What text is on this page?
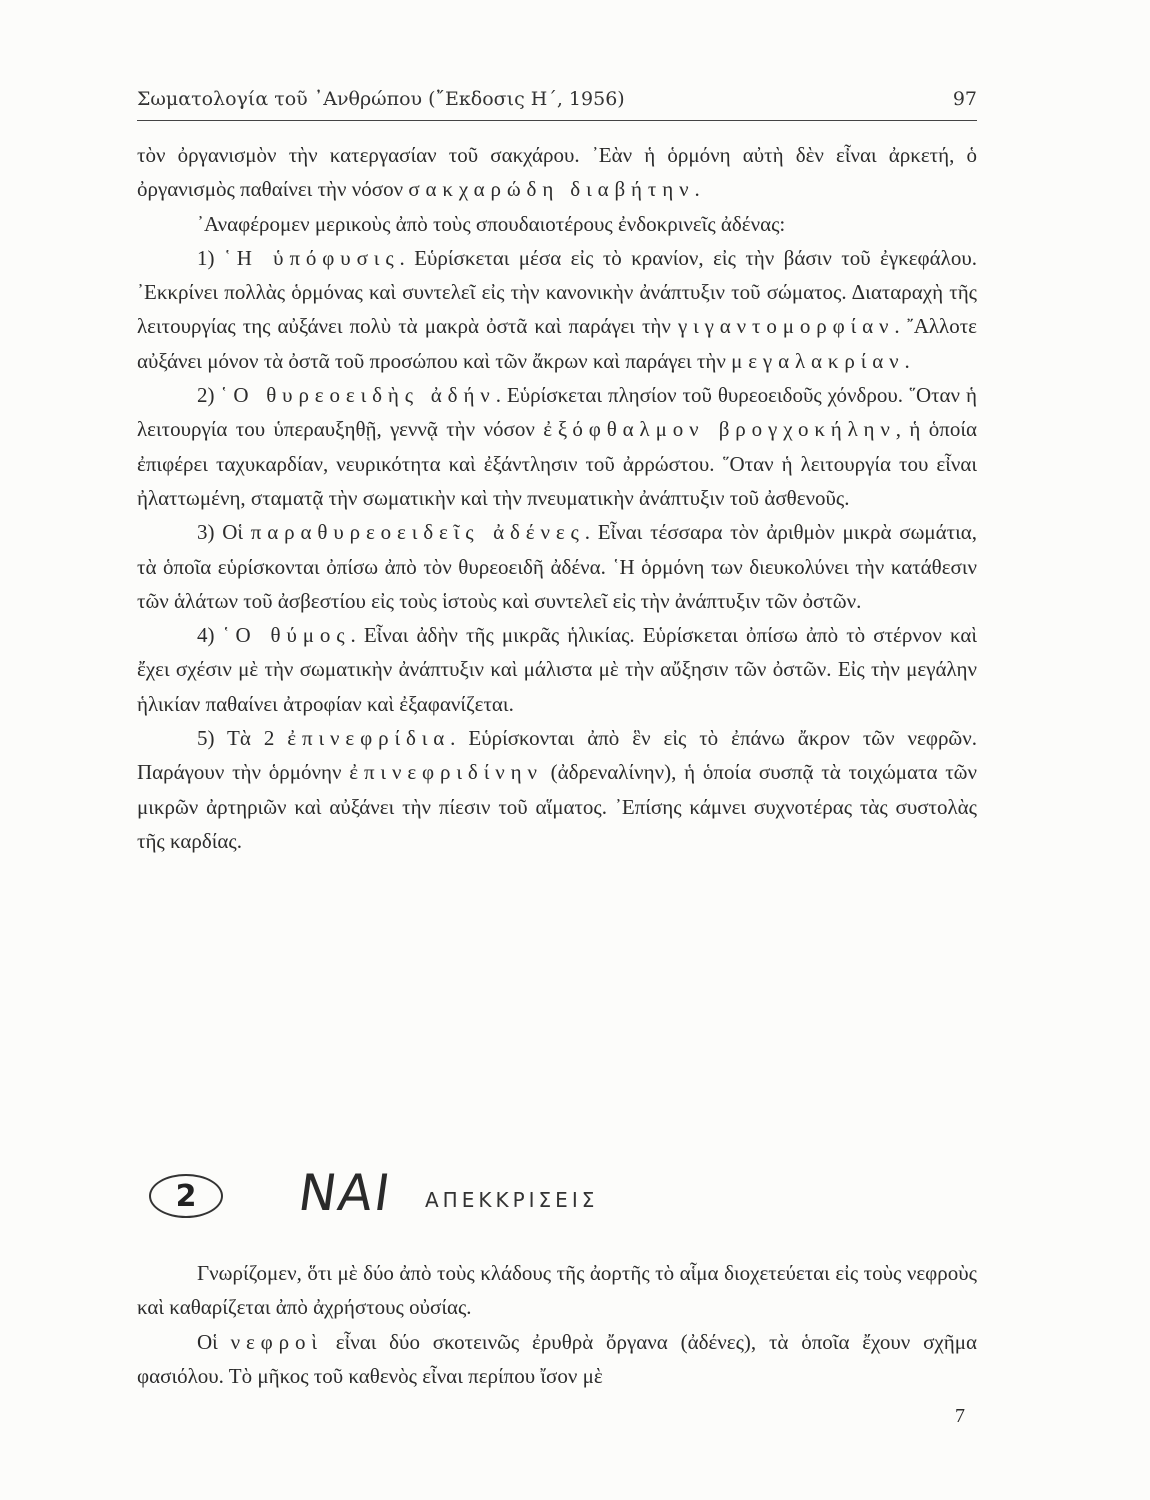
Σωματολογία τοῦ ᾿Ανθρώπου (῎Εκδοσις Η΄, 1956)	97

τὸν ὀργανισμὸν τὴν κατεργασίαν τοῦ σακχάρου. ᾿Εὰν ἡ ὁρμόνη αὐτὴ δὲν εἶναι ἀρκετή, ὁ ὀργανισμὸς παθαίνει τὴν νόσον σακχαρώδη διαβήτην.

᾿Αναφέρομεν μερικοὺς ἀπὸ τοὺς σπουδαιοτέρους ἐνδοκρινεῖς ἀδένας:

1) ῾Η ὑπόφυσις. Εὑρίσκεται μέσα εἰς τὸ κρανίον, εἰς τὴν βάσιν τοῦ ἐγκεφάλου. ᾿Εκκρίνει πολλὰς ὁρμόνας καὶ συντελεῖ εἰς τὴν κανονικὴν ἀνάπτυξιν τοῦ σώματος. Διαταραχὴ τῆς λειτουργίας της αὐξάνει πολὺ τὰ μακρὰ ὀστᾶ καὶ παράγει τὴν γιγαντομορφίαν. ῎Αλλοτε αὐξάνει μόνον τὰ ὀστᾶ τοῦ προσώπου καὶ τῶν ἄκρων καὶ παράγει τὴν μεγαλακρίαν.

2) ῾Ο θυρεοειδὴς ἀδήν. Εὑρίσκεται πλησίον τοῦ θυρεοειδοῦς χόνδρου. ῞Οταν ἡ λειτουργία του ὑπεραυξηθῇ, γεννᾷ τὴν νόσον ἐξόφθαλμον βρογχοκήλην, ἡ ὁποία ἐπιφέρει ταχυκαρδίαν, νευρικότητα καὶ ἐξάντλησιν τοῦ ἀρρώστου. ῞Οταν ἡ λειτουργία του εἶναι ἠλαττωμένη, σταματᾷ τὴν σωματικὴν καὶ τὴν πνευματικὴν ἀνάπτυξιν τοῦ ἀσθενοῦς.

3) Οἱ παραθυρεοειδεῖς ἀδένες. Εἶναι τέσσαρα τὸν ἀριθμὸν μικρὰ σωμάτια, τὰ ὁποῖα εὑρίσκονται ὀπίσω ἀπὸ τὸν θυρεοειδῆ ἀδένα. ῾Η ὁρμόνη των διευκολύνει τὴν κατάθεσιν τῶν ἁλάτων τοῦ ἀσβεστίου εἰς τοὺς ἱστοὺς καὶ συντελεῖ εἰς τὴν ἀνάπτυξιν τῶν ὀστῶν.

4) ῾Ο θύμος. Εἶναι ἀδὴν τῆς μικρᾶς ἡλικίας. Εὑρίσκεται ὀπίσω ἀπὸ τὸ στέρνον καὶ ἔχει σχέσιν μὲ τὴν σωματικὴν ἀνάπτυξιν καὶ μάλιστα μὲ τὴν αὔξησιν τῶν ὀστῶν. Εἰς τὴν μεγάλην ἡλικίαν παθαίνει ἀτροφίαν καὶ ἐξαφανίζεται.

5) Τὰ 2 ἐπινεφρίδια. Εὑρίσκονται ἀπὸ ἓν εἰς τὸ ἐπάνω ἄκρον τῶν νεφρῶν. Παράγουν τὴν ὁρμόνην ἐπινεφριδίνην (ἀδρεναλίνην), ἡ ὁποία συσπᾷ τὰ τοιχώματα τῶν μικρῶν ἀρτηριῶν καὶ αὐξάνει τὴν πίεσιν τοῦ αἵματος. ᾿Επίσης κάμνει συχνοτέρας τὰς συστολὰς τῆς καρδίας.

2	ΝΑΙ ΑΠΕΚΚΡΙΣΕΙΣ

Γνωρίζομεν, ὅτι μὲ δύο ἀπὸ τοὺς κλάδους τῆς ἀορτῆς τὸ αἷμα διοχετεύεται εἰς τοὺς νεφροὺς καὶ καθαρίζεται ἀπὸ ἀχρήστους οὐσίας.

Οἱ νεφροὶ εἶναι δύο σκοτεινῶς ἐρυθρὰ ὄργανα (ἀδένες), τὰ ὁποῖα ἔχουν σχῆμα φασιόλου. Τὸ μῆκος τοῦ καθενὸς εἶναι περίπου ἴσον μὲ

7
